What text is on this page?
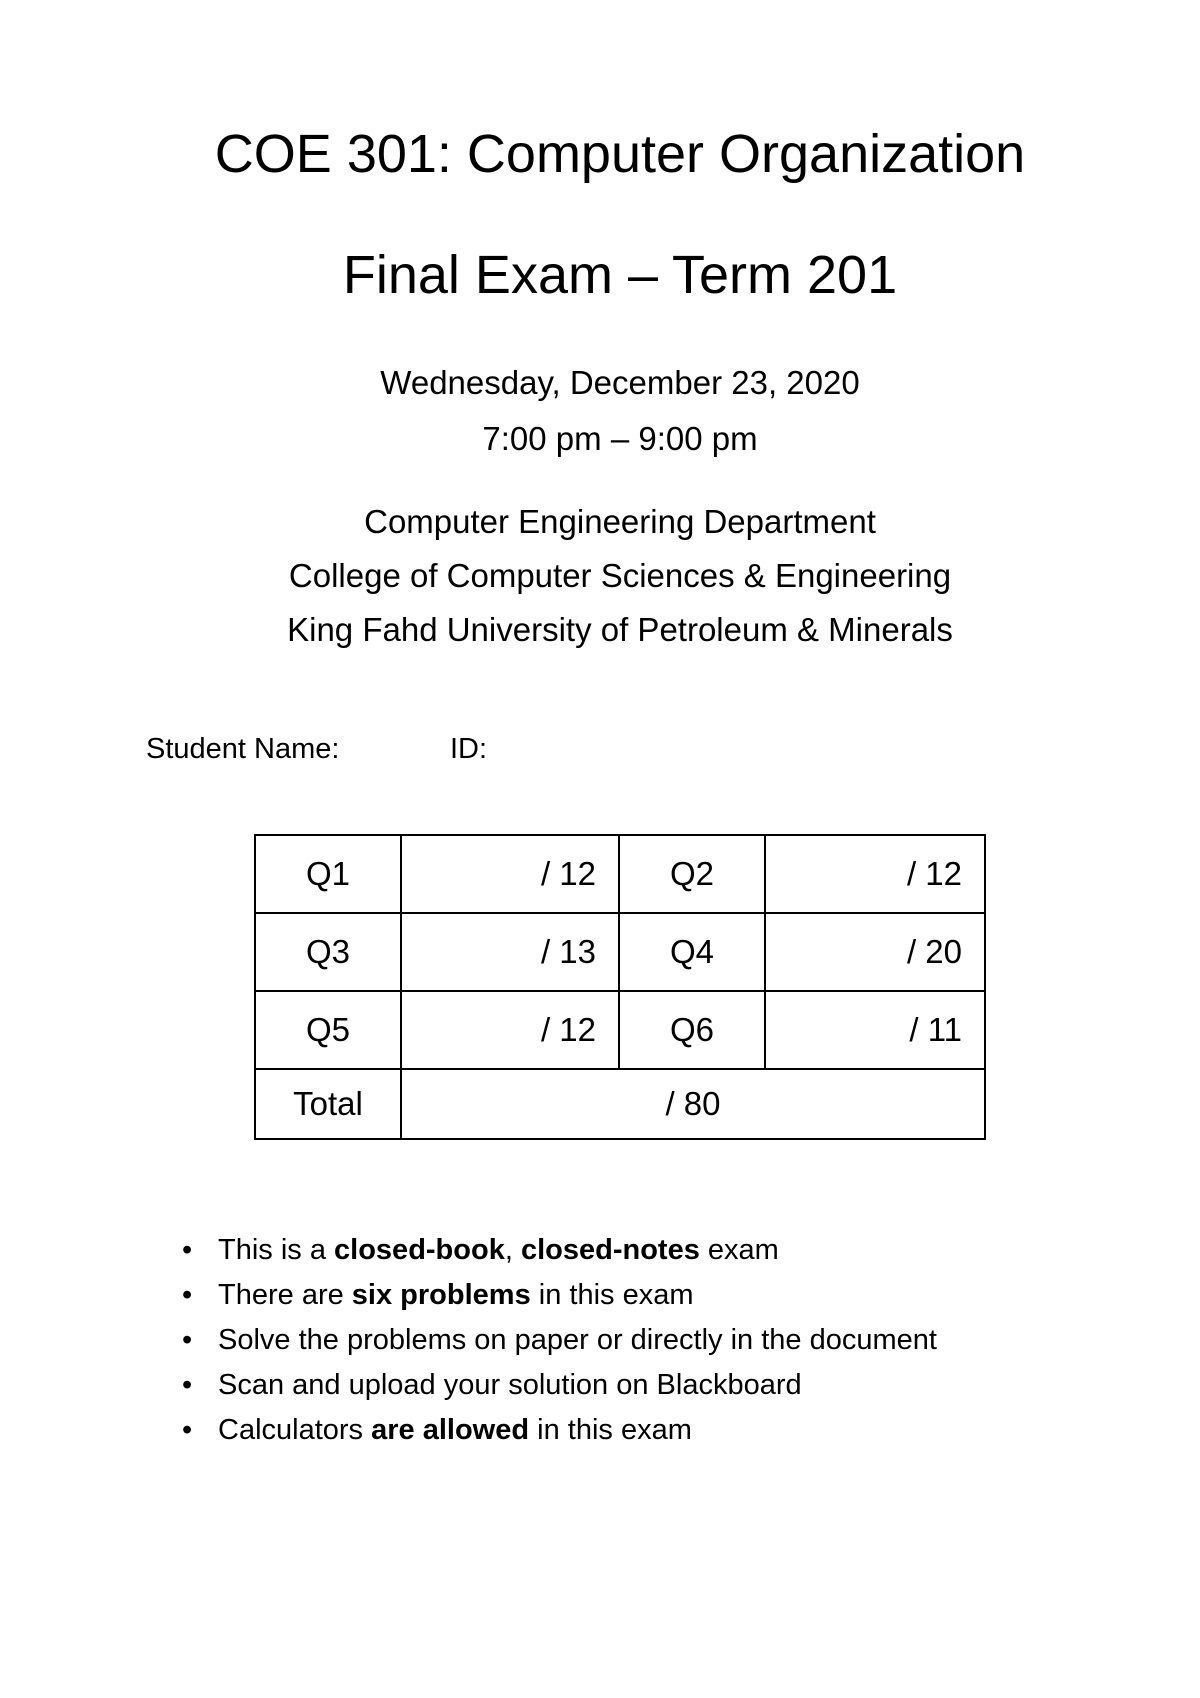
COE 301: Computer Organization
Final Exam – Term 201
Wednesday, December 23, 2020
7:00 pm – 9:00 pm
Computer Engineering Department
College of Computer Sciences & Engineering
King Fahd University of Petroleum & Minerals
Student Name:	ID:
Q1	/ 12	Q2	/ 12
Q3	/ 13	Q4	/ 20
Q5	/ 12	Q6	/ 11
Total	/ 80		
• This is a closed-book, closed-notes exam
• There are six problems in this exam
• Solve the problems on paper or directly in the document
• Scan and upload your solution on Blackboard
• Calculators are allowed in this exam
